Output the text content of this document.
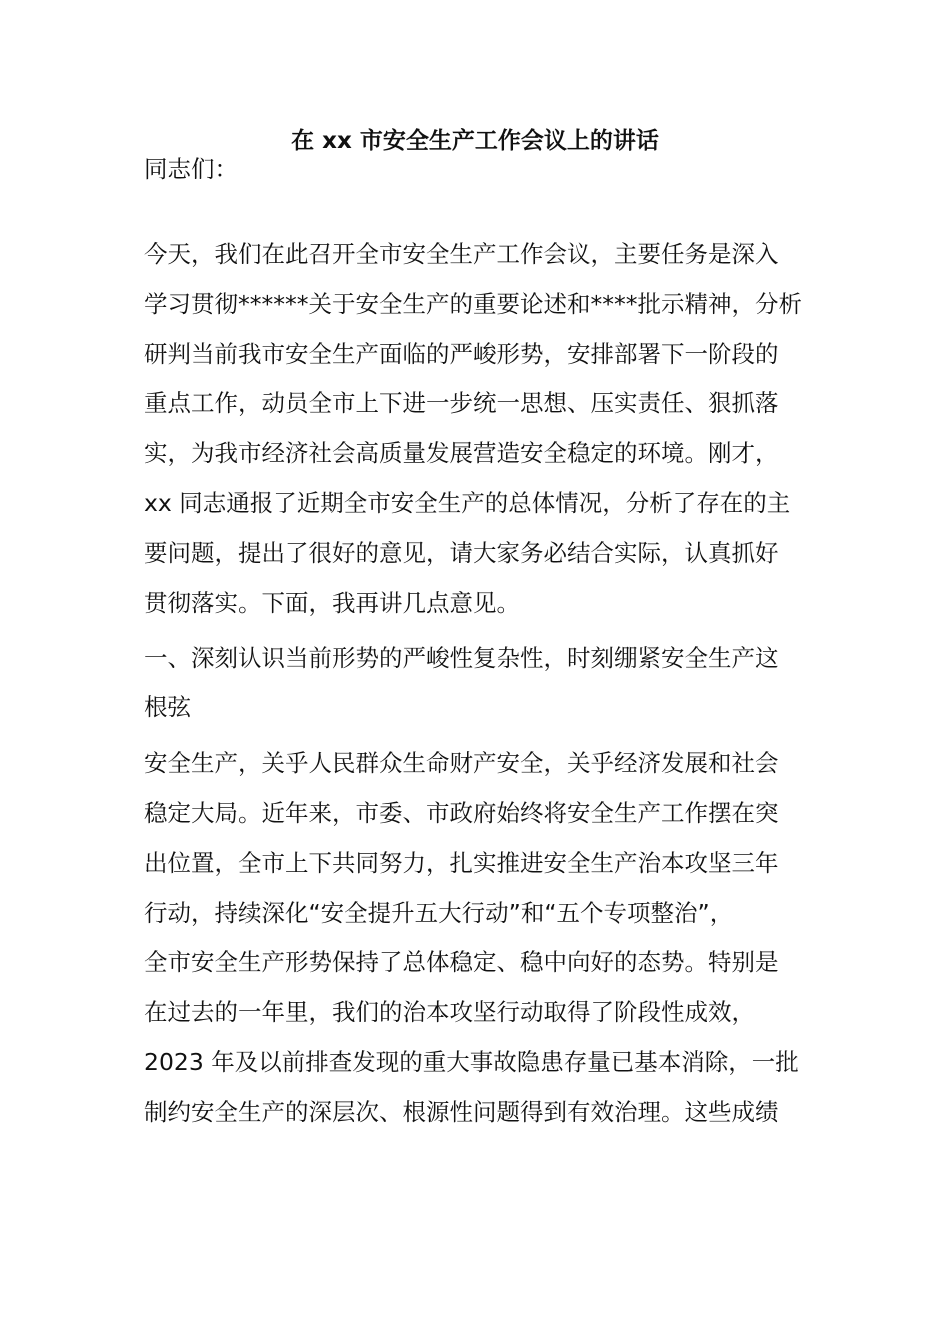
在 xx 市安全生产工作会议上的讲话

同志们：

今天，我们在此召开全市安全生产工作会议，主要任务是深入

学习贯彻******关于安全生产的重要论述和****批示精神，分析

研判当前我市安全生产面临的严峻形势，安排部署下一阶段的

重点工作，动员全市上下进一步统一思想、压实责任、狠抓落

实，为我市经济社会高质量发展营造安全稳定的环境。刚才，

xx 同志通报了近期全市安全生产的总体情况，分析了存在的主

要问题，提出了很好的意见，请大家务必结合实际，认真抓好

贯彻落实。下面，我再讲几点意见。

一、深刻认识当前形势的严峻性复杂性，时刻绷紧安全生产这

根弦

安全生产，关乎人民群众生命财产安全，关乎经济发展和社会

稳定大局。近年来，市委、市政府始终将安全生产工作摆在突

出位置，全市上下共同努力，扎实推进安全生产治本攻坚三年

行动，持续深化“安全提升五大行动”和“五个专项整治”，

全市安全生产形势保持了总体稳定、稳中向好的态势。特别是

在过去的一年里，我们的治本攻坚行动取得了阶段性成效，

2023 年及以前排查发现的重大事故隐患存量已基本消除，一批

制约安全生产的深层次、根源性问题得到有效治理。这些成绩
